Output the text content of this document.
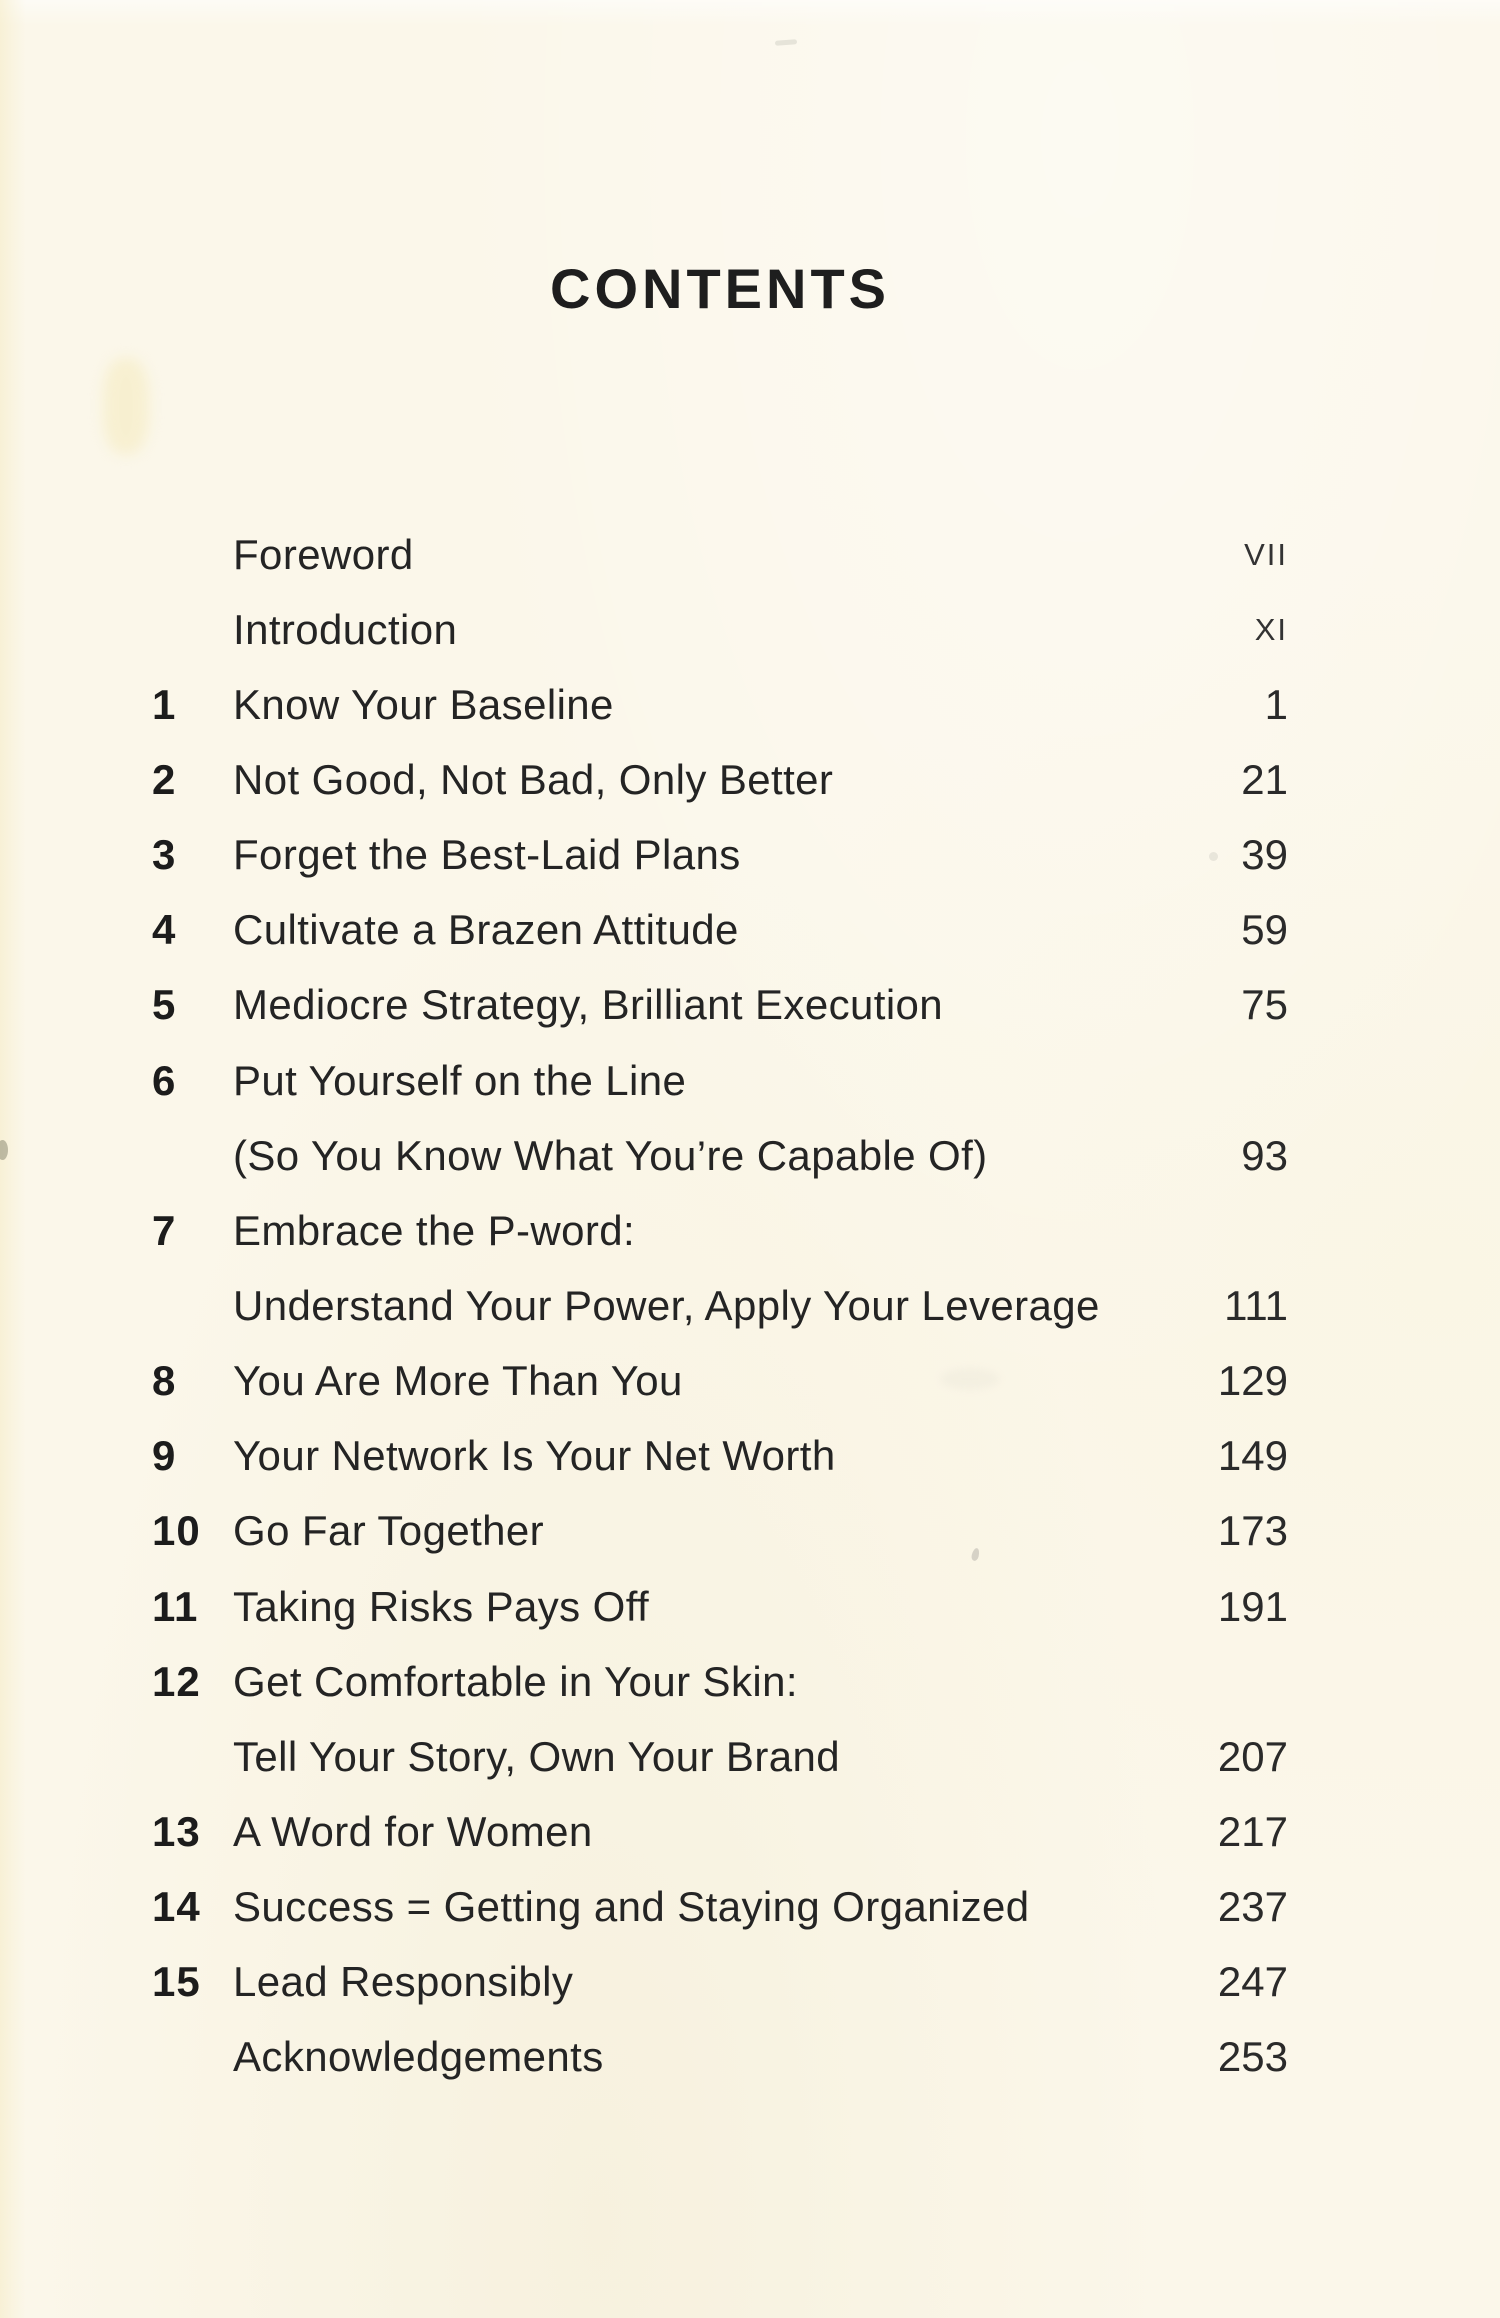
CONTENTS
Foreword	VII
Introduction	XI
1	Know Your Baseline	1
2	Not Good, Not Bad, Only Better	21
3	Forget the Best-Laid Plans	39
4	Cultivate a Brazen Attitude	59
5	Mediocre Strategy, Brilliant Execution	75
6	Put Yourself on the Line
(So You Know What You’re Capable Of)	93
7	Embrace the P-word:
Understand Your Power, Apply Your Leverage	111
8	You Are More Than You	129
9	Your Network Is Your Net Worth	149
10 Go Far Together	173
11 Taking Risks Pays Off	191
12 Get Comfortable in Your Skin:
Tell Your Story, Own Your Brand	207
13 A Word for Women	217
14 Success = Getting and Staying Organized	237
15 Lead Responsibly	247
Acknowledgements	253
